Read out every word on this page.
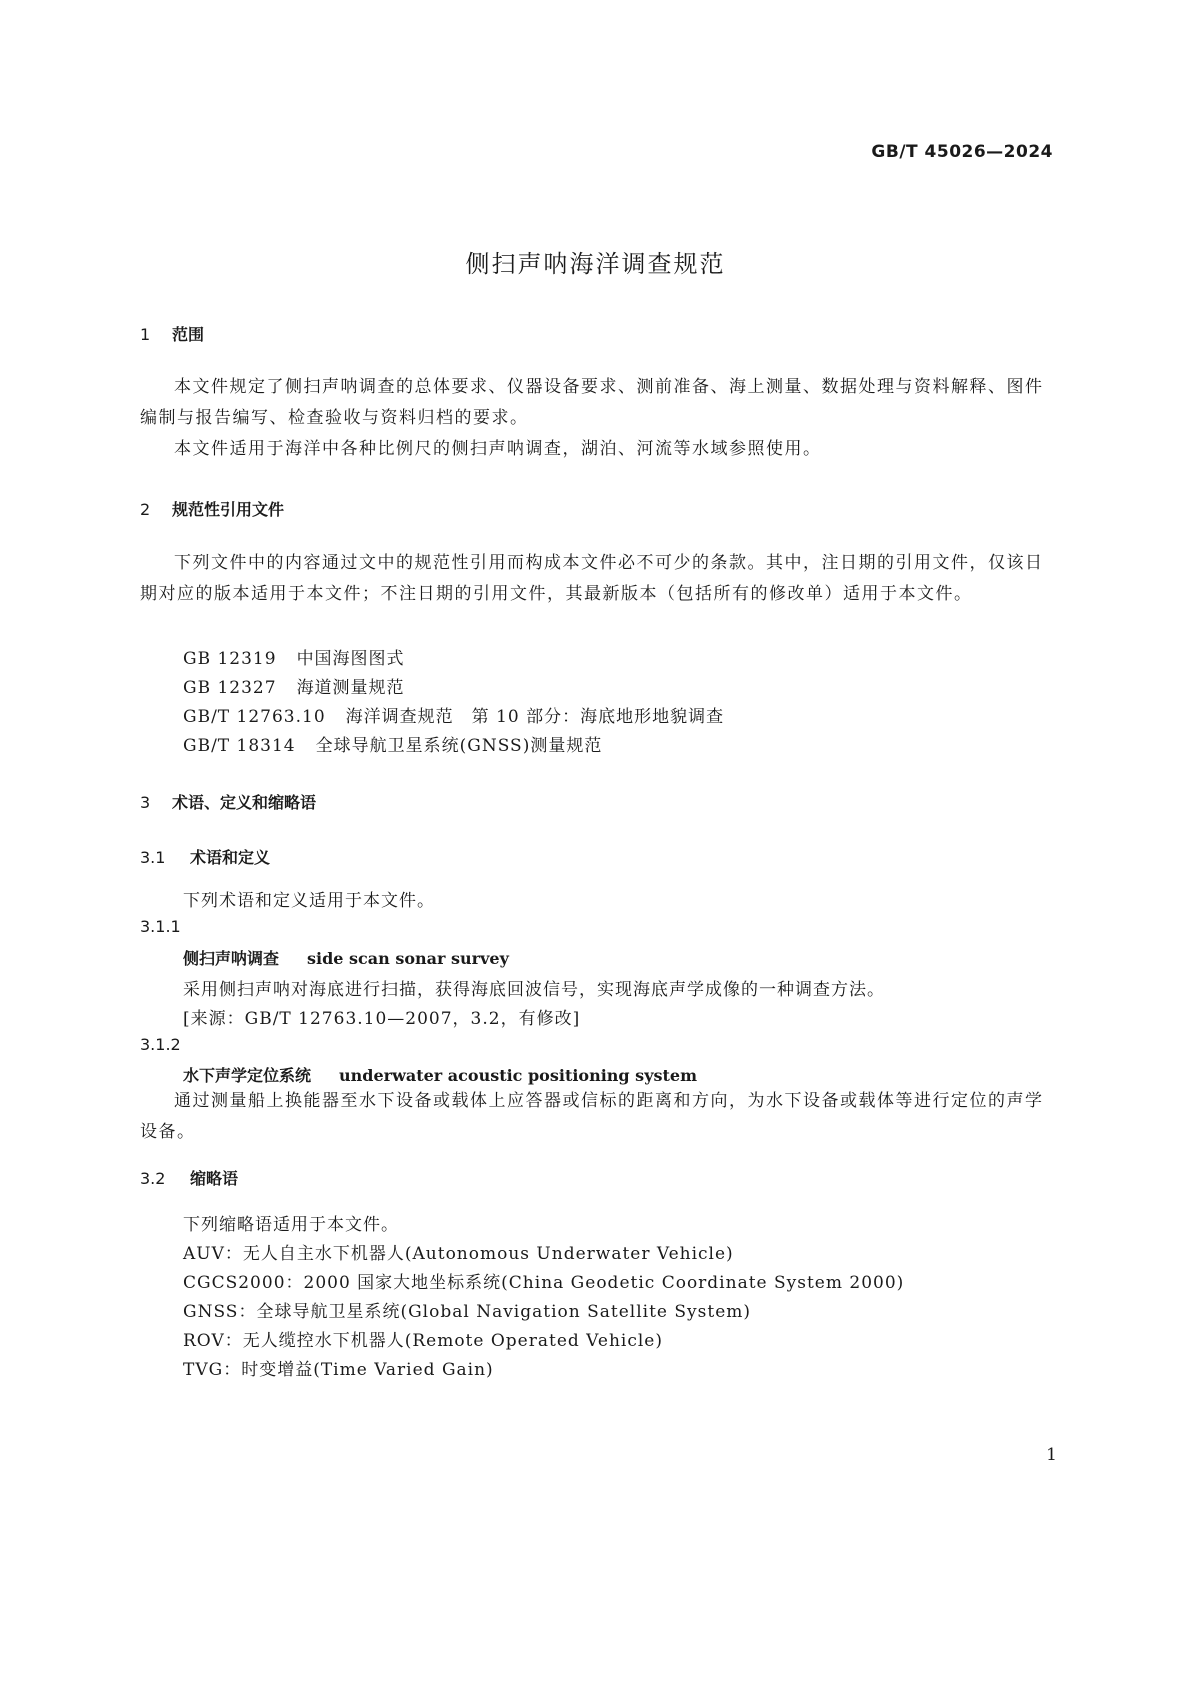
GB/T 45026—2024
侧扫声呐海洋调查规范
1 范围
本文件规定了侧扫声呐调查的总体要求、仪器设备要求、测前准备、海上测量、数据处理与资料解释、图件编制与报告编写、检查验收与资料归档的要求。
本文件适用于海洋中各种比例尺的侧扫声呐调查，湖泊、河流等水域参照使用。
2 规范性引用文件
下列文件中的内容通过文中的规范性引用而构成本文件必不可少的条款。其中，注日期的引用文件，仅该日期对应的版本适用于本文件；不注日期的引用文件，其最新版本（包括所有的修改单）适用于本文件。
GB 12319 中国海图图式
GB 12327 海道测量规范
GB/T 12763.10 海洋调查规范　第 10 部分：海底地形地貌调查
GB/T 18314 全球导航卫星系统(GNSS)测量规范
3 术语、定义和缩略语
3.1 术语和定义
下列术语和定义适用于本文件。
3.1.1
侧扫声呐调查 side scan sonar survey
采用侧扫声呐对海底进行扫描，获得海底回波信号，实现海底声学成像的一种调查方法。
[来源：GB/T 12763.10—2007，3.2，有修改]
3.1.2
水下声学定位系统 underwater acoustic positioning system
通过测量船上换能器至水下设备或载体上应答器或信标的距离和方向，为水下设备或载体等进行定位的声学设备。
3.2 缩略语
下列缩略语适用于本文件。
AUV：无人自主水下机器人(Autonomous Underwater Vehicle)
CGCS2000：2000 国家大地坐标系统(China Geodetic Coordinate System 2000)
GNSS：全球导航卫星系统(Global Navigation Satellite System)
ROV：无人缆控水下机器人(Remote Operated Vehicle)
TVG：时变增益(Time Varied Gain)
1
